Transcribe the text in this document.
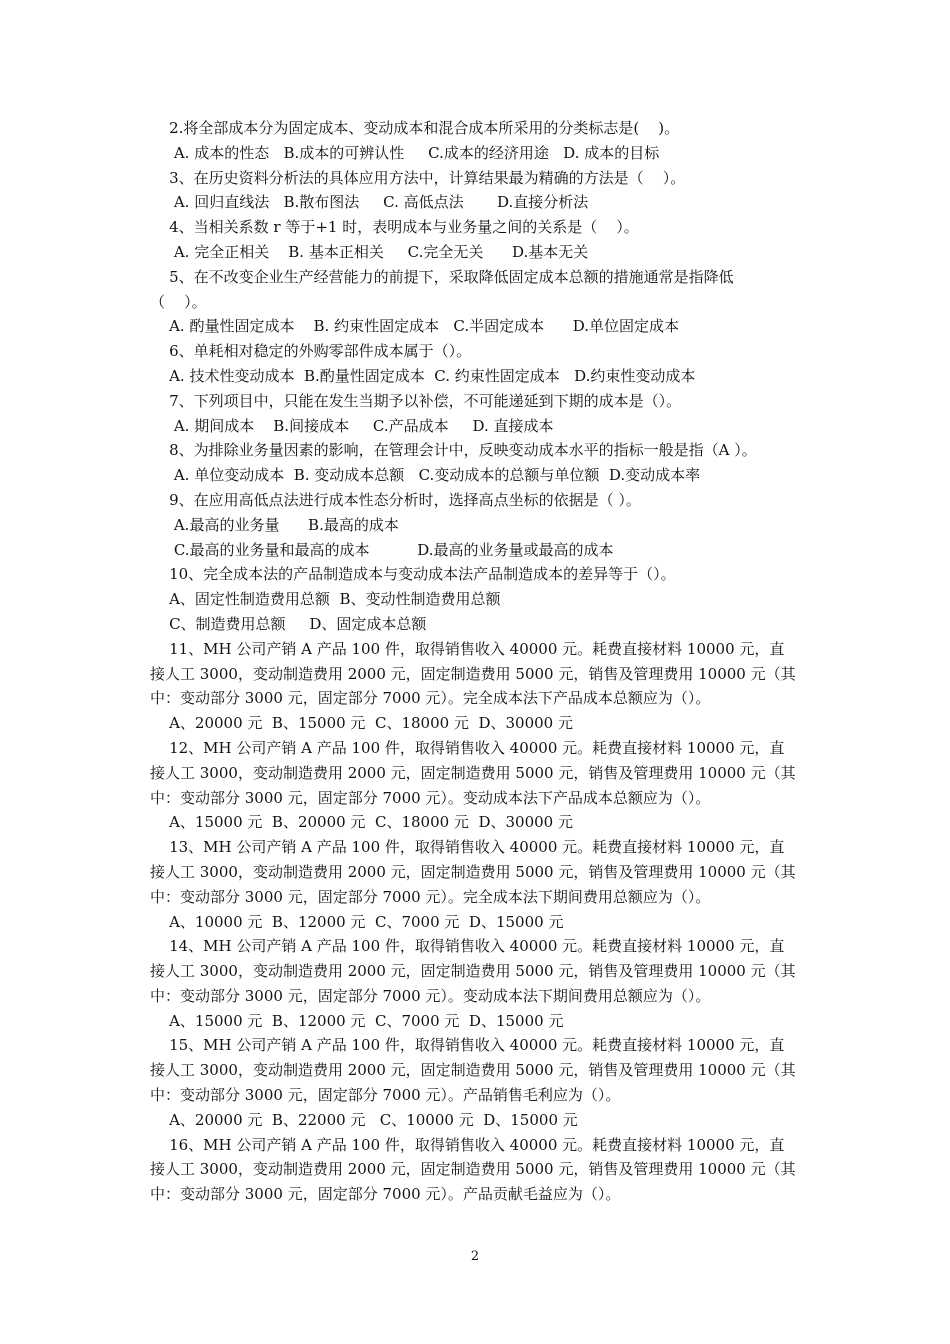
2.将全部成本分为固定成本、变动成本和混合成本所采用的分类标志是(    )。
A. 成本的性态   B.成本的可辨认性     C.成本的经济用途   D. 成本的目标
3、在历史资料分析法的具体应用方法中，计算结果最为精确的方法是（    ）。
A. 回归直线法   B.散布图法     C. 高低点法       D.直接分析法
4、当相关系数 r 等于+1 时，表明成本与业务量之间的关系是（    ）。
A. 完全正相关    B. 基本正相关     C.完全无关      D.基本无关
5、在不改变企业生产经营能力的前提下，采取降低固定成本总额的措施通常是指降低
（    ）。
A. 酌量性固定成本    B. 约束性固定成本   C.半固定成本      D.单位固定成本
6、单耗相对稳定的外购零部件成本属于（）。
A. 技术性变动成本  B.酌量性固定成本  C. 约束性固定成本   D.约束性变动成本
7、下列项目中，只能在发生当期予以补偿，不可能递延到下期的成本是（）。
A. 期间成本    B.间接成本     C.产品成本     D. 直接成本
8、为排除业务量因素的影响，在管理会计中，反映变动成本水平的指标一般是指（A ）。
A. 单位变动成本  B. 变动成本总额   C.变动成本的总额与单位额  D.变动成本率
9、在应用高低点法进行成本性态分析时，选择高点坐标的依据是（ ）。
A.最高的业务量      B.最高的成本
C.最高的业务量和最高的成本          D.最高的业务量或最高的成本
10、完全成本法的产品制造成本与变动成本法产品制造成本的差异等于（）。
A、固定性制造费用总额  B、变动性制造费用总额
C、制造费用总额     D、固定成本总额
11、MH 公司产销 A 产品 100 件，取得销售收入 40000 元。耗费直接材料 10000 元，直
接人工 3000，变动制造费用 2000 元，固定制造费用 5000 元，销售及管理费用 10000 元（其
中：变动部分 3000 元，固定部分 7000 元）。完全成本法下产品成本总额应为（）。
A、20000 元  B、15000 元  C、18000 元  D、30000 元
12、MH 公司产销 A 产品 100 件，取得销售收入 40000 元。耗费直接材料 10000 元，直
接人工 3000，变动制造费用 2000 元，固定制造费用 5000 元，销售及管理费用 10000 元（其
中：变动部分 3000 元，固定部分 7000 元）。变动成本法下产品成本总额应为（）。
A、15000 元  B、20000 元  C、18000 元  D、30000 元
13、MH 公司产销 A 产品 100 件，取得销售收入 40000 元。耗费直接材料 10000 元，直
接人工 3000，变动制造费用 2000 元，固定制造费用 5000 元，销售及管理费用 10000 元（其
中：变动部分 3000 元，固定部分 7000 元）。完全成本法下期间费用总额应为（）。
A、10000 元  B、12000 元  C、7000 元  D、15000 元
14、MH 公司产销 A 产品 100 件，取得销售收入 40000 元。耗费直接材料 10000 元，直
接人工 3000，变动制造费用 2000 元，固定制造费用 5000 元，销售及管理费用 10000 元（其
中：变动部分 3000 元，固定部分 7000 元）。变动成本法下期间费用总额应为（）。
A、15000 元  B、12000 元  C、7000 元  D、15000 元
15、MH 公司产销 A 产品 100 件，取得销售收入 40000 元。耗费直接材料 10000 元，直
接人工 3000，变动制造费用 2000 元，固定制造费用 5000 元，销售及管理费用 10000 元（其
中：变动部分 3000 元，固定部分 7000 元）。产品销售毛利应为（）。
A、20000 元  B、22000 元   C、10000 元  D、15000 元
16、MH 公司产销 A 产品 100 件，取得销售收入 40000 元。耗费直接材料 10000 元，直
接人工 3000，变动制造费用 2000 元，固定制造费用 5000 元，销售及管理费用 10000 元（其
中：变动部分 3000 元，固定部分 7000 元）。产品贡献毛益应为（）。
2
